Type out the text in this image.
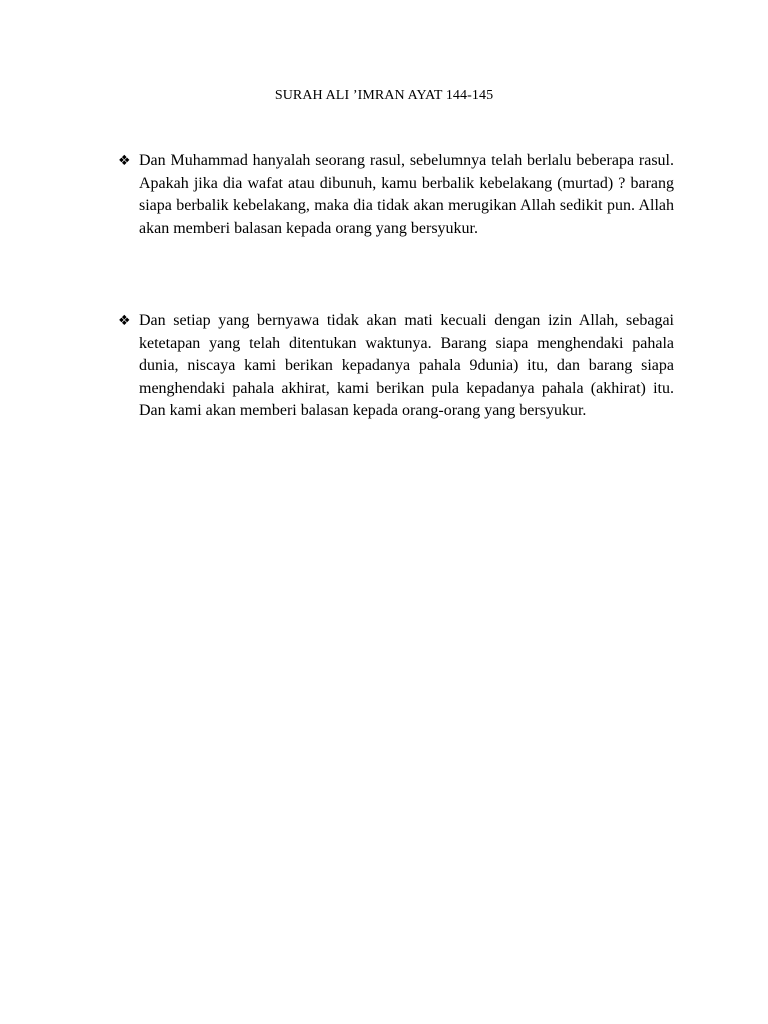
SURAH ALI ’IMRAN AYAT 144-145
❖ Dan Muhammad hanyalah seorang rasul, sebelumnya telah berlalu beberapa rasul. Apakah jika dia wafat atau dibunuh, kamu berbalik kebelakang (murtad) ? barang siapa berbalik kebelakang, maka dia tidak akan merugikan Allah sedikit pun. Allah akan memberi balasan kepada orang yang bersyukur.
❖ Dan setiap yang bernyawa tidak akan mati kecuali dengan izin Allah, sebagai ketetapan yang telah ditentukan waktunya. Barang siapa menghendaki pahala dunia, niscaya kami berikan kepadanya pahala 9dunia) itu, dan barang siapa menghendaki pahala akhirat, kami berikan pula kepadanya pahala (akhirat) itu. Dan kami akan memberi balasan kepada orang-orang yang bersyukur.
